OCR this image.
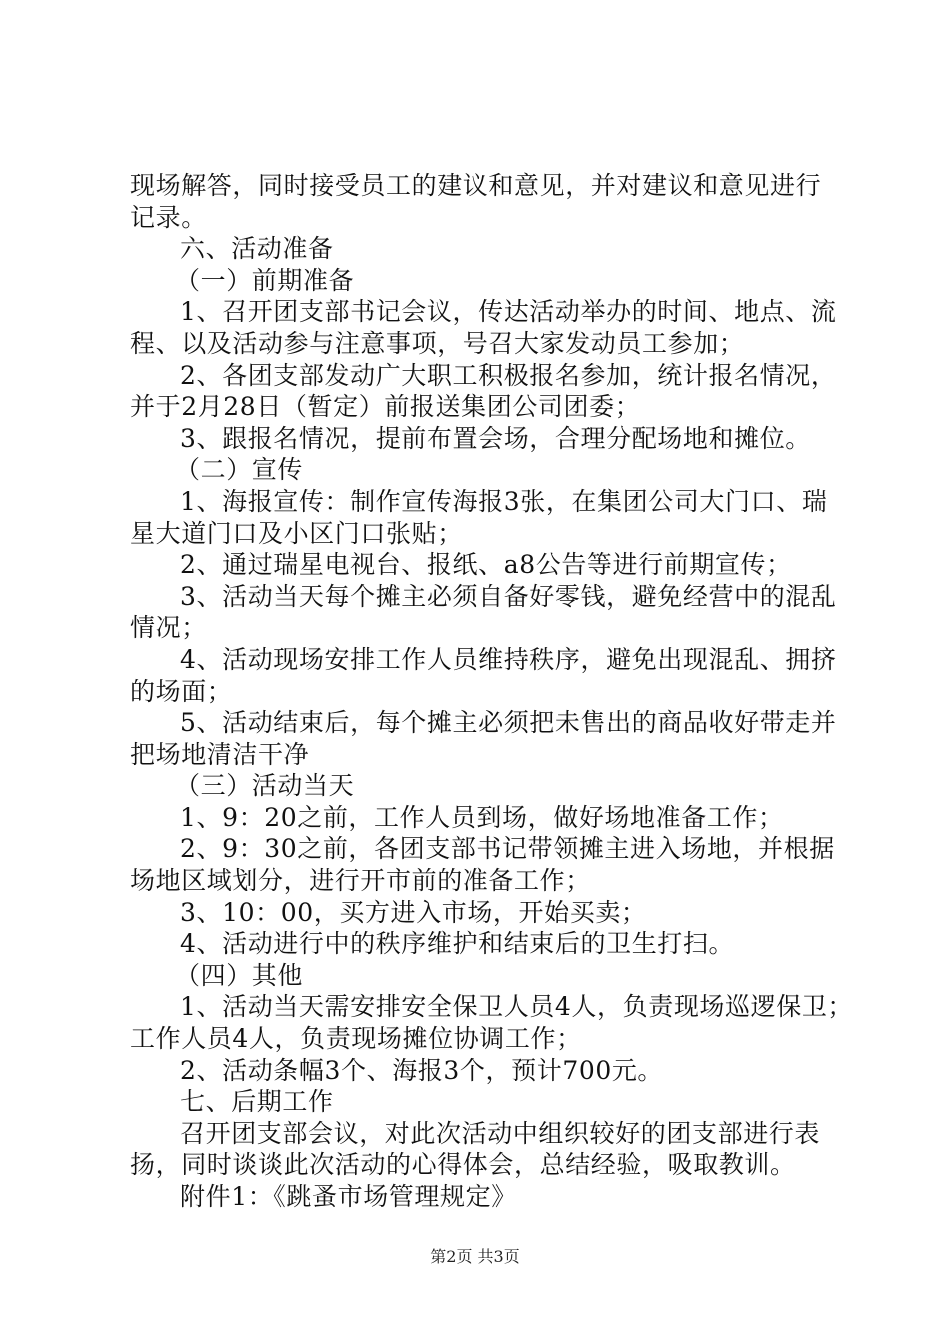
现场解答，同时接受员工的建议和意见，并对建议和意见进行
记录。
六、活动准备
（一）前期准备
1、召开团支部书记会议，传达活动举办的时间、地点、流
程、以及活动参与注意事项，号召大家发动员工参加；
2、各团支部发动广大职工积极报名参加，统计报名情况，
并于2月28日（暂定）前报送集团公司团委；
3、跟报名情况，提前布置会场，合理分配场地和摊位。
（二）宣传
1、海报宣传：制作宣传海报3张，在集团公司大门口、瑞
星大道门口及小区门口张贴；
2、通过瑞星电视台、报纸、a8公告等进行前期宣传；
3、活动当天每个摊主必须自备好零钱，避免经营中的混乱
情况；
4、活动现场安排工作人员维持秩序，避免出现混乱、拥挤
的场面；
5、活动结束后，每个摊主必须把未售出的商品收好带走并
把场地清洁干净
（三）活动当天
1、9：20之前，工作人员到场，做好场地准备工作；
2、9：30之前，各团支部书记带领摊主进入场地，并根据
场地区域划分，进行开市前的准备工作；
3、10：00，买方进入市场，开始买卖；
4、活动进行中的秩序维护和结束后的卫生打扫。
（四）其他
1、活动当天需安排安全保卫人员4人，负责现场巡逻保卫；
工作人员4人，负责现场摊位协调工作；
2、活动条幅3个、海报3个，预计700元。
七、后期工作
召开团支部会议，对此次活动中组织较好的团支部进行表
扬，同时谈谈此次活动的心得体会，总结经验，吸取教训。
附件1：《跳蚤市场管理规定》
第2页 共3页
